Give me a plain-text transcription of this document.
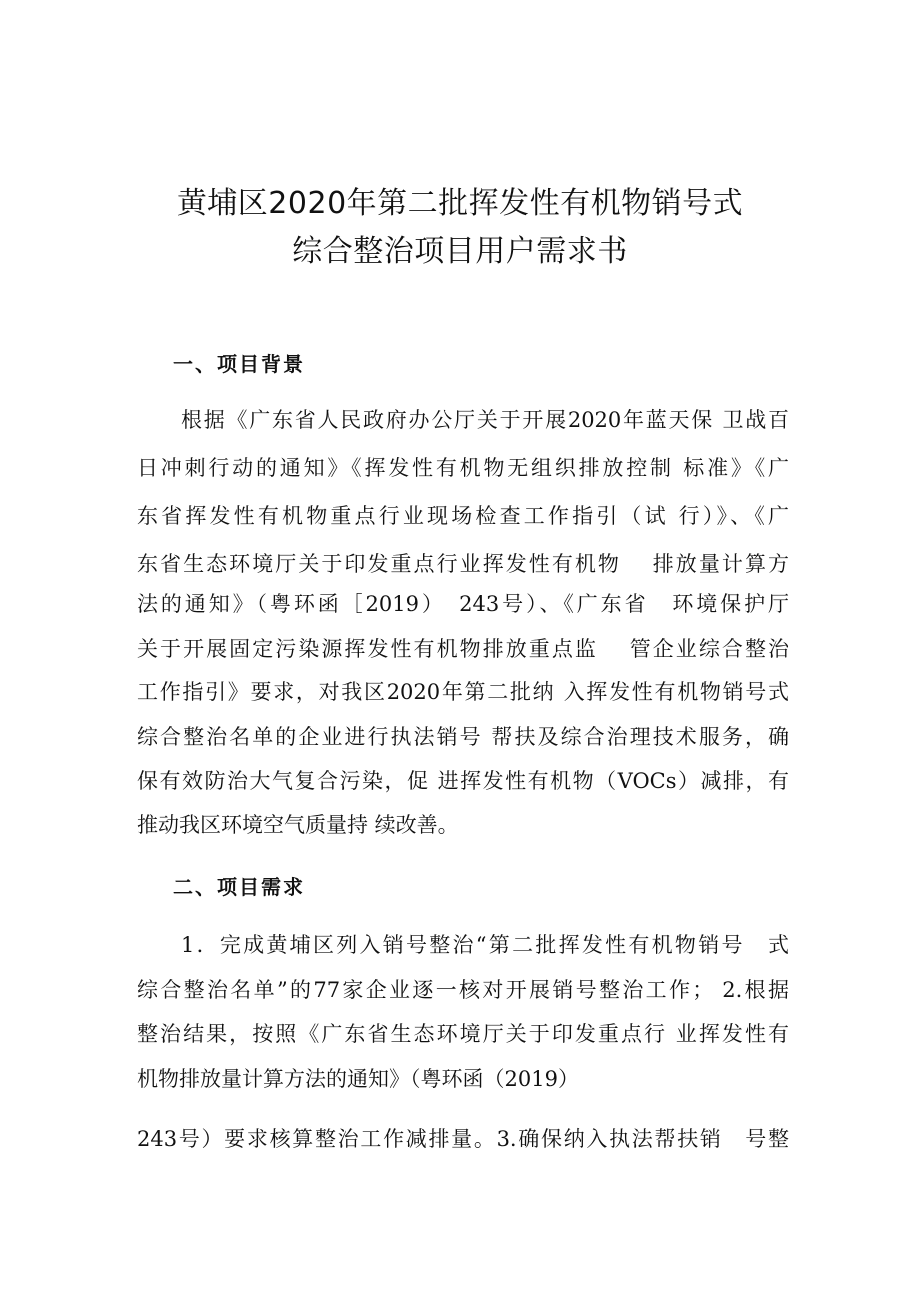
黄埔区2020年第二批挥发性有机物销号式
综合整治项目用户需求书
一、项目背景
根据《广东省人民政府办公厅关于开展2020年蓝天保 卫战百
日冲刺行动的通知》《挥发性有机物无组织排放控制 标准》《广
东省挥发性有机物重点行业现场检查工作指引（试 行）》、《广
东省生态环境厅关于印发重点行业挥发性有机物　 排放量计算方
法的通知》（粤环函［2019）　243号）、《广东省　环境保护厅
关于开展固定污染源挥发性有机物排放重点监　 管企业综合整治
工作指引》要求，对我区2020年第二批纳 入挥发性有机物销号式
综合整治名单的企业进行执法销号 帮扶及综合治理技术服务，确
保有效防治大气复合污染，促 进挥发性有机物（VOCs）减排，有
推动我区环境空气质量持 续改善。
二、项目需求
1．完成黄埔区列入销号整治“第二批挥发性有机物销号　式
综合整治名单”的77家企业逐一核对开展销号整治工作； 2.根据
整治结果，按照《广东省生态环境厅关于印发重点行 业挥发性有
机物排放量计算方法的通知》（粤环函（2019）
243号）要求核算整治工作减排量。3.确保纳入执法帮扶销　号整
